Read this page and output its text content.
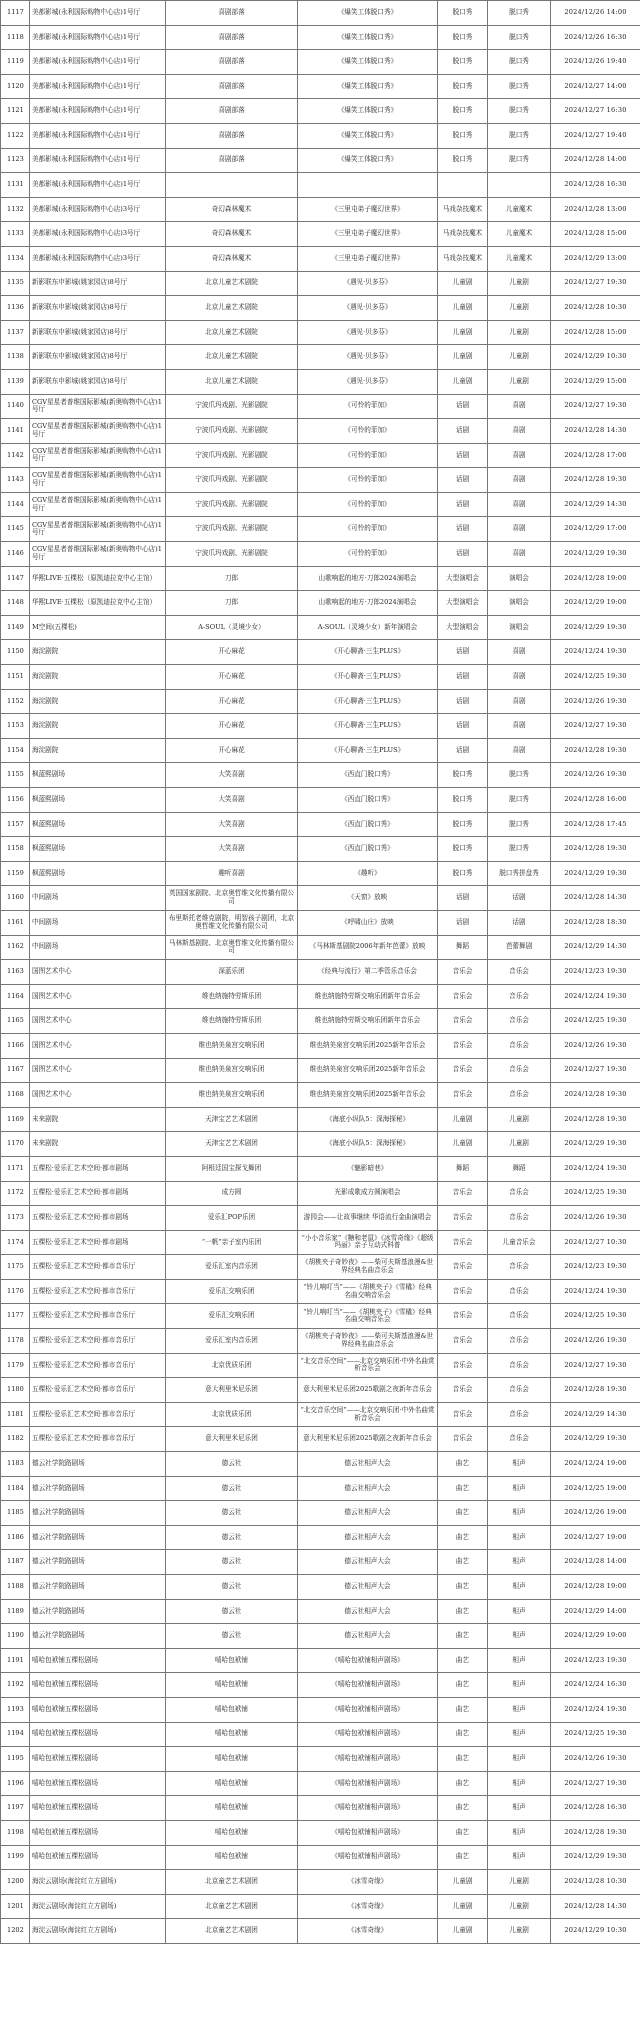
1117	美都影城(永利国际购物中心店)1号厅	喜剧部落	《爆笑工体脱口秀》	脱口秀	脱口秀	2024/12/26 14:00
1118	美都影城(永利国际购物中心店)1号厅	喜剧部落	《爆笑工体脱口秀》	脱口秀	脱口秀	2024/12/26 16:30
1119	美都影城(永利国际购物中心店)1号厅	喜剧部落	《爆笑工体脱口秀》	脱口秀	脱口秀	2024/12/26 19:40
1120	美都影城(永利国际购物中心店)1号厅	喜剧部落	《爆笑工体脱口秀》	脱口秀	脱口秀	2024/12/27 14:00
1121	美都影城(永利国际购物中心店)1号厅	喜剧部落	《爆笑工体脱口秀》	脱口秀	脱口秀	2024/12/27 16:30
1122	美都影城(永利国际购物中心店)1号厅	喜剧部落	《爆笑工体脱口秀》	脱口秀	脱口秀	2024/12/27 19:40
1123	美都影城(永利国际购物中心店)1号厅	喜剧部落	《爆笑工体脱口秀》	脱口秀	脱口秀	2024/12/28 14:00
1131	美都影城(永利国际购物中心店)1号厅					2024/12/28 16:30
1132	美都影城(永利国际购物中心店)3号厅	奇幻森林魔术	《三里屯弟子魔幻世界》	马戏杂技魔术	儿童魔术	2024/12/28 13:00
1133	美都影城(永利国际购物中心店)3号厅	奇幻森林魔术	《三里屯弟子魔幻世界》	马戏杂技魔术	儿童魔术	2024/12/28 15:00
1134	美都影城(永利国际购物中心店)3号厅	奇幻森林魔术	《三里屯弟子魔幻世界》	马戏杂技魔术	儿童魔术	2024/12/29 13:00
1135	新影联东申影城(姚家园店)8号厅	北京儿童艺术剧院	《遇见·贝多芬》	儿童剧	儿童剧	2024/12/27 19:30
1136	新影联东申影城(姚家园店)8号厅	北京儿童艺术剧院	《遇见·贝多芬》	儿童剧	儿童剧	2024/12/28 10:30
1137	新影联东申影城(姚家园店)8号厅	北京儿童艺术剧院	《遇见·贝多芬》	儿童剧	儿童剧	2024/12/28 15:00
1138	新影联东申影城(姚家园店)8号厅	北京儿童艺术剧院	《遇见·贝多芬》	儿童剧	儿童剧	2024/12/29 10:30
1139	新影联东申影城(姚家园店)8号厅	北京儿童艺术剧院	《遇见·贝多芬》	儿童剧	儿童剧	2024/12/29 15:00
1140	CGV星星者普维国际影城(新奥购物中心店)1号厅	宁波爪玛戏剧、光影剧院	《可怜的菲加》	话剧	喜剧	2024/12/27 19:30
1141	CGV星星者普维国际影城(新奥购物中心店)1号厅	宁波爪玛戏剧、光影剧院	《可怜的菲加》	话剧	喜剧	2024/12/28 14:30
1142	CGV星星者普维国际影城(新奥购物中心店)1号厅	宁波爪玛戏剧、光影剧院	《可怜的菲加》	话剧	喜剧	2024/12/28 17:00
1143	CGV星星者普维国际影城(新奥购物中心店)1号厅	宁波爪玛戏剧、光影剧院	《可怜的菲加》	话剧	喜剧	2024/12/28 19:30
1144	CGV星星者普维国际影城(新奥购物中心店)1号厅	宁波爪玛戏剧、光影剧院	《可怜的菲加》	话剧	喜剧	2024/12/29 14:30
1145	CGV星星者普维国际影城(新奥购物中心店)1号厅	宁波爪玛戏剧、光影剧院	《可怜的菲加》	话剧	喜剧	2024/12/29 17:00
1146	CGV星星者普维国际影城(新奥购物中心店)1号厅	宁波爪玛戏剧、光影剧院	《可怜的菲加》	话剧	喜剧	2024/12/29 19:30
1147	华熙LIVE·五棵松（原凯迪拉克中心主馆）	刀郎	山歌响起的地方·刀郎2024演唱会	大型演唱会	演唱会	2024/12/28 19:00
1148	华熙LIVE·五棵松（原凯迪拉克中心主馆）	刀郎	山歌响起的地方·刀郎2024演唱会	大型演唱会	演唱会	2024/12/29 19:00
1149	M空间(五棵松)	A-SOUL（灵境少女）	A-SOUL（灵境少女）新年演唱会	大型演唱会	演唱会	2024/12/29 19:30
1150	海淀剧院	开心麻花	《开心聊斋·三生PLUS》	话剧	喜剧	2024/12/24 19:30
1151	海淀剧院	开心麻花	《开心聊斋·三生PLUS》	话剧	喜剧	2024/12/25 19:30
1152	海淀剧院	开心麻花	《开心聊斋·三生PLUS》	话剧	喜剧	2024/12/26 19:30
1153	海淀剧院	开心麻花	《开心聊斋·三生PLUS》	话剧	喜剧	2024/12/27 19:30
1154	海淀剧院	开心麻花	《开心聊斋·三生PLUS》	话剧	喜剧	2024/12/28 19:30
1155	枫蓝熙剧场	大笑喜剧	《西直门脱口秀》	脱口秀	脱口秀	2024/12/26 19:30
1156	枫蓝熙剧场	大笑喜剧	《西直门脱口秀》	脱口秀	脱口秀	2024/12/28 16:00
1157	枫蓝熙剧场	大笑喜剧	《西直门脱口秀》	脱口秀	脱口秀	2024/12/28 17:45
1158	枫蓝熙剧场	大笑喜剧	《西直门脱口秀》	脱口秀	脱口秀	2024/12/28 19:30
1159	枫蓝熙剧场	趣听喜剧	《趣听》	脱口秀	脱口秀拼盘秀	2024/12/29 19:30
1160	中间剧场	英国国家剧院、北京奥哲维文化传播有限公司	《天窗》放映	话剧	话剧	2024/12/28 14:30
1161	中间剧场	布里斯托老维克剧院，明智孩子剧团，北京奥哲维文化传播有限公司	《呼啸山庄》放映	话剧	话剧	2024/12/28 18:30
1162	中间剧场	马林斯基剧院、北京奥哲维文化传播有限公司	《马林斯基剧院2006年新年芭蕾》放映	舞蹈	芭蕾舞剧	2024/12/29 14:30
1163	国图艺术中心	深蓝乐团	《经典与流行》第二季管乐音乐会	音乐会	音乐会	2024/12/23 19:30
1164	国图艺术中心	维也纳施特劳斯乐团	维也纳施特劳斯交响乐团新年音乐会	音乐会	音乐会	2024/12/24 19:30
1165	国图艺术中心	维也纳施特劳斯乐团	维也纳施特劳斯交响乐团新年音乐会	音乐会	音乐会	2024/12/25 19:30
1166	国图艺术中心	维也纳美泉宫交响乐团	维也纳美泉宫交响乐团2025新年音乐会	音乐会	音乐会	2024/12/26 19:30
1167	国图艺术中心	维也纳美泉宫交响乐团	维也纳美泉宫交响乐团2025新年音乐会	音乐会	音乐会	2024/12/27 19:30
1168	国图艺术中心	维也纳美泉宫交响乐团	维也纳美泉宫交响乐团2025新年音乐会	音乐会	音乐会	2024/12/28 19:30
1169	未来剧院	天津宝艺艺术剧团	《海底小纵队5：深海探秘》	儿童剧	儿童剧	2024/12/28 19:30
1170	未来剧院	天津宝艺艺术剧团	《海底小纵队5：深海探秘》	儿童剧	儿童剧	2024/12/29 19:30
1171	五棵松·爱乐汇艺术空间·都市剧场	阿根廷国宝探戈舞团	《魅影暗巷》	舞蹈	舞蹈	2024/12/24 19:30
1172	五棵松·爱乐汇艺术空间·都市剧场	成方圆	光影成歌成方圆演唱会	音乐会	音乐会	2024/12/25 19:30
1173	五棵松·爱乐汇艺术空间·都市剧场	爱乐汇POP乐团	游园会——让故事继续 华语流行金曲演唱会	音乐会	音乐会	2024/12/26 19:30
1174	五棵松·爱乐汇艺术空间·都市剧场	“一帆”亲子室内乐团	“小小音乐家”《糖和老鼠》《冰雪奇缘》《超级玛丽》亲子互动式科普	音乐会	儿童音乐会	2024/12/27 10:30
1175	五棵松·爱乐汇艺术空间·都市音乐厅	爱乐汇室内音乐团	《胡桃夹子奇妙夜》——柴可夫斯基浪漫&世界经典名曲音乐会	音乐会	音乐会	2024/12/23 19:30
1176	五棵松·爱乐汇艺术空间·都市音乐厅	爱乐汇交响乐团	“铃儿响叮当”——《胡桃夹子》《雪橇》经典名曲交响音乐会	音乐会	音乐会	2024/12/24 19:30
1177	五棵松·爱乐汇艺术空间·都市音乐厅	爱乐汇交响乐团	“铃儿响叮当”——《胡桃夹子》《雪橇》经典名曲交响音乐会	音乐会	音乐会	2024/12/25 19:30
1178	五棵松·爱乐汇艺术空间·都市音乐厅	爱乐汇室内音乐团	《胡桃夹子奇妙夜》——柴可夫斯基浪漫&世界经典名曲音乐会	音乐会	音乐会	2024/12/26 19:30
1179	五棵松·爱乐汇艺术空间·都市音乐厅	北京优质乐团	“北交音乐空间”——北京交响乐团·中外名曲赏析音乐会	音乐会	音乐会	2024/12/27 19:30
1180	五棵松·爱乐汇艺术空间·都市音乐厅	意大利里米尼乐团	意大利里米尼乐团2025歌剧之夜新年音乐会	音乐会	音乐会	2024/12/28 19:30
1181	五棵松·爱乐汇艺术空间·都市音乐厅	北京优质乐团	“北交音乐空间”——北京交响乐团·中外名曲赏析音乐会	音乐会	音乐会	2024/12/29 14:30
1182	五棵松·爱乐汇艺术空间·都市音乐厅	意大利里米尼乐团	意大利里米尼乐团2025歌剧之夜新年音乐会	音乐会	音乐会	2024/12/29 19:30
1183	德云社学院路剧场	德云社	德云社相声大会	曲艺	相声	2024/12/24 19:00
1184	德云社学院路剧场	德云社	德云社相声大会	曲艺	相声	2024/12/25 19:00
1185	德云社学院路剧场	德云社	德云社相声大会	曲艺	相声	2024/12/26 19:00
1186	德云社学院路剧场	德云社	德云社相声大会	曲艺	相声	2024/12/27 19:00
1187	德云社学院路剧场	德云社	德云社相声大会	曲艺	相声	2024/12/28 14:00
1188	德云社学院路剧场	德云社	德云社相声大会	曲艺	相声	2024/12/28 19:00
1189	德云社学院路剧场	德云社	德云社相声大会	曲艺	相声	2024/12/29 14:00
1190	德云社学院路剧场	德云社	德云社相声大会	曲艺	相声	2024/12/29 19:00
1191	嘻哈包袱铺五棵松剧场	嘻哈包袱铺	《嘻哈包袱铺相声剧场》	曲艺	相声	2024/12/23 19:30
1192	嘻哈包袱铺五棵松剧场	嘻哈包袱铺	《嘻哈包袱铺相声剧场》	曲艺	相声	2024/12/24 16:30
1193	嘻哈包袱铺五棵松剧场	嘻哈包袱铺	《嘻哈包袱铺相声剧场》	曲艺	相声	2024/12/24 19:30
1194	嘻哈包袱铺五棵松剧场	嘻哈包袱铺	《嘻哈包袱铺相声剧场》	曲艺	相声	2024/12/25 19:30
1195	嘻哈包袱铺五棵松剧场	嘻哈包袱铺	《嘻哈包袱铺相声剧场》	曲艺	相声	2024/12/26 19:30
1196	嘻哈包袱铺五棵松剧场	嘻哈包袱铺	《嘻哈包袱铺相声剧场》	曲艺	相声	2024/12/27 19:30
1197	嘻哈包袱铺五棵松剧场	嘻哈包袱铺	《嘻哈包袱铺相声剧场》	曲艺	相声	2024/12/28 16:30
1198	嘻哈包袱铺五棵松剧场	嘻哈包袱铺	《嘻哈包袱铺相声剧场》	曲艺	相声	2024/12/28 19:30
1199	嘻哈包袱铺五棵松剧场	嘻哈包袱铺	《嘻哈包袱铺相声剧场》	曲艺	相声	2024/12/29 19:30
1200	海淀云剧场(海淀红立方剧场)	北京童艺艺术剧团	《冰雪奇缘》	儿童剧	儿童剧	2024/12/28 10:30
1201	海淀云剧场(海淀红立方剧场)	北京童艺艺术剧团	《冰雪奇缘》	儿童剧	儿童剧	2024/12/28 14:30
1202	海淀云剧场(海淀红立方剧场)	北京童艺艺术剧团	《冰雪奇缘》	儿童剧	儿童剧	2024/12/29 10:30
